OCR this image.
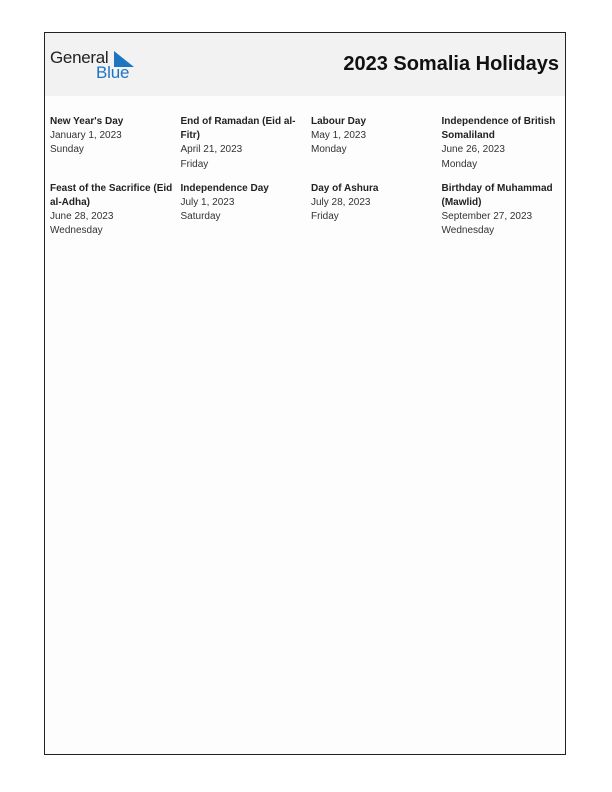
General
Blue	2023 Somalia Holidays
New Year's Day
January 1, 2023
Sunday
End of Ramadan (Eid al-Fitr)
April 21, 2023
Friday
Labour Day
May 1, 2023
Monday
Independence of British Somaliland
June 26, 2023
Monday
Feast of the Sacrifice (Eid al-Adha)
June 28, 2023
Wednesday
Independence Day
July 1, 2023
Saturday
Day of Ashura
July 28, 2023
Friday
Birthday of Muhammad (Mawlid)
September 27, 2023
Wednesday
